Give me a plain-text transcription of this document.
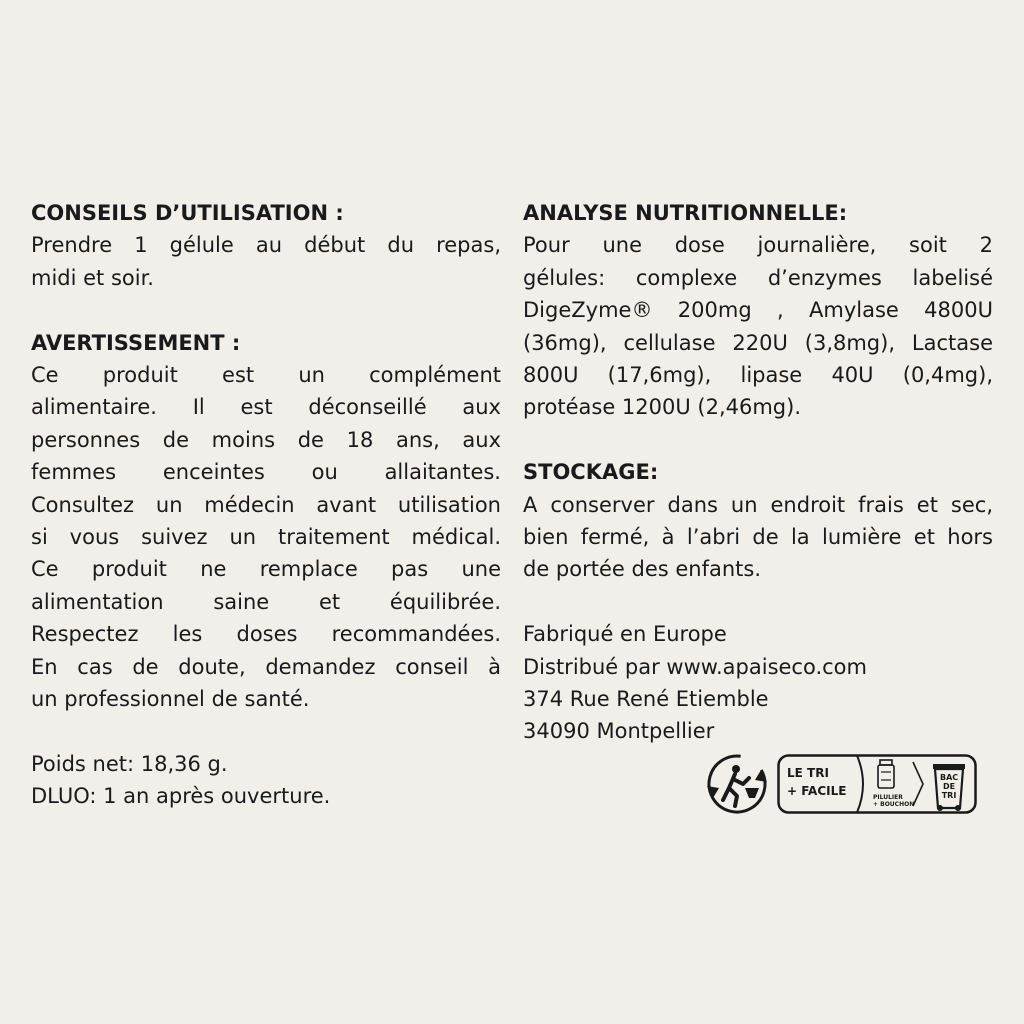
CONSEILS D’UTILISATION :

Prendre 1 gélule au début du repas,
midi et soir.

AVERTISSEMENT :

Ce produit est un complément
alimentaire. Il est déconseillé aux
personnes de moins de 18 ans, aux
femmes enceintes ou allaitantes.
Consultez un médecin avant utilisation
si vous suivez un traitement médical.
Ce produit ne remplace pas une
alimentation saine et équilibrée.
Respectez les doses recommandées.
En cas de doute, demandez conseil à
un professionnel de santé.

Poids net: 18,36 g.
DLUO: 1 an après ouverture.

ANALYSE NUTRITIONNELLE:

Pour une dose journalière, soit 2
gélules: complexe d’enzymes labelisé
DigeZyme® 200mg , Amylase 4800U
(36mg), cellulase 220U (3,8mg), Lactase
800U (17,6mg), lipase 40U (0,4mg),
protéase 1200U (2,46mg).

STOCKAGE:

A conserver dans un endroit frais et sec,
bien fermé, à l’abri de la lumière et hors
de portée des enfants.

Fabriqué en Europe
Distribué par www.apaiseco.com
374 Rue René Etiemble
34090 Montpellier

LE TRI
+ FACILE	PILULIER
+ BOUCHON
BAC
DE
TRI
